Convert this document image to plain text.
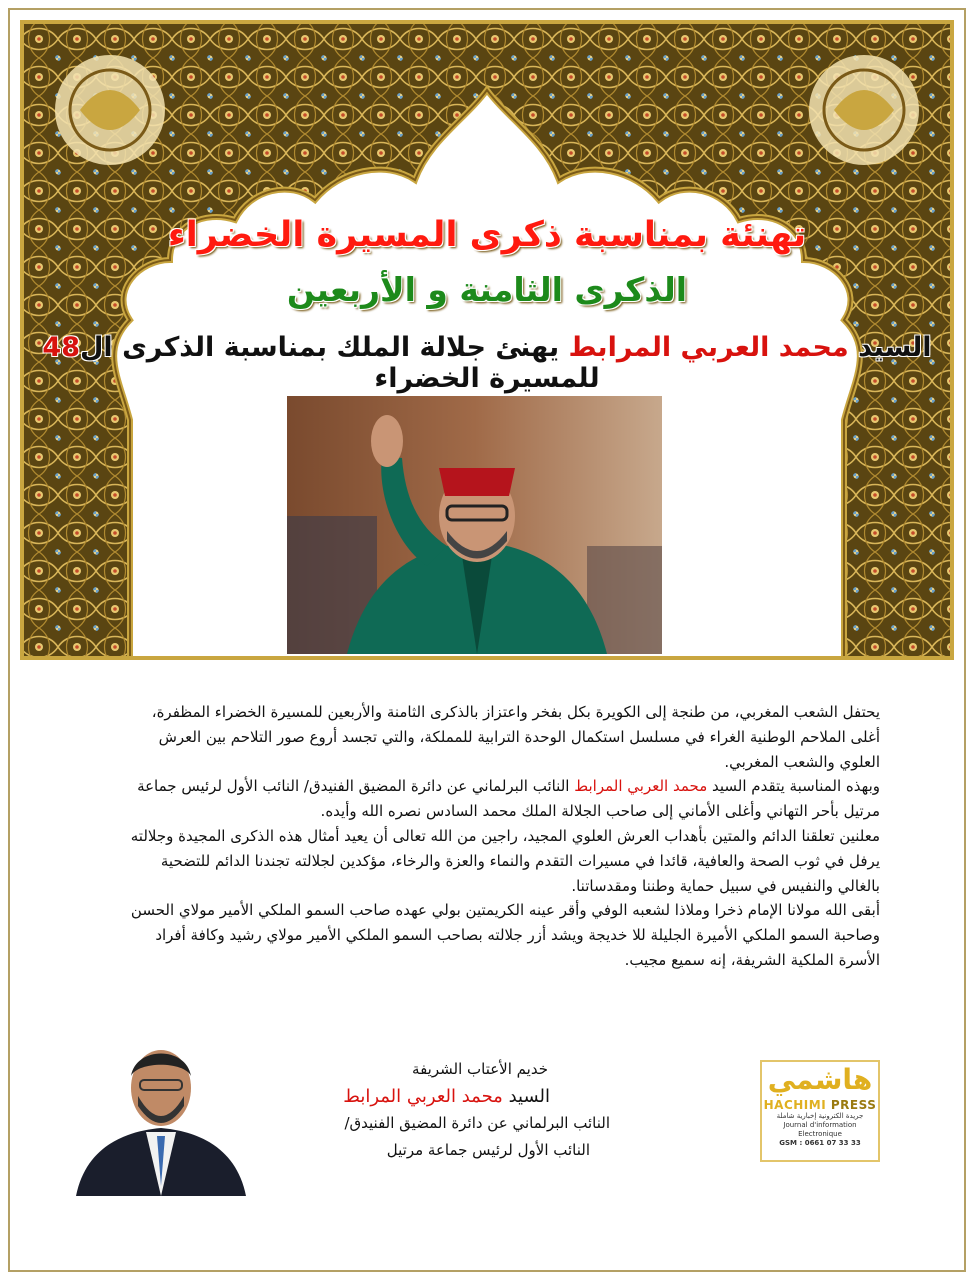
تهنئة بمناسبة ذكرى المسيرة الخضراء
الذكرى الثامنة و الأربعين
السيد محمد العربي المرابط يهنئ جلالة الملك بمناسبة الذكرى ال48 للمسيرة الخضراء

يحتفل الشعب المغربي، من طنجة إلى الكويرة بكل بفخر واعتزاز بالذكرى الثامنة والأربعين للمسيرة الخضراء المظفرة، أغلى الملاحم الوطنية الغراء في مسلسل استكمال الوحدة الترابية للمملكة، والتي تجسد أروع صور التلاحم بين العرش العلوي والشعب المغربي.

وبهذه المناسبة يتقدم السيد محمد العربي المرابط النائب البرلماني عن دائرة المضيق الفنيدق/ النائب الأول لرئيس جماعة مرتيل بأحر التهاني وأغلى الأماني إلى صاحب الجلالة الملك محمد السادس نصره الله وأيده.

معلنين تعلقنا الدائم والمتين بأهداب العرش العلوي المجيد، راجين من الله تعالى أن يعيد أمثال هذه الذكرى المجيدة وجلالته يرفل في ثوب الصحة والعافية، قائدا في مسيرات التقدم والنماء والعزة والرخاء، مؤكدين لجلالته تجندنا الدائم للتضحية بالغالي والنفيس في سبيل حماية وطننا ومقدساتنا.

أبقى الله مولانا الإمام ذخرا وملاذا لشعبه الوفي وأقر عينه الكريمتين بولي عهده صاحب السمو الملكي الأمير مولاي الحسن وصاحبة السمو الملكي الأميرة الجليلة للا خديجة ويشد أزر جلالته بصاحب السمو الملكي الأمير مولاي رشيد وكافة أفراد الأسرة الملكية الشريفة، إنه سميع مجيب.

خديم الأعتاب الشريفة
السيد محمد العربي المرابط
النائب البرلماني عن دائرة المضيق الفنيدق/
النائب الأول لرئيس جماعة مرتيل
هاشمي
HACHIMI PRESS
جريدة الكترونية إخبارية شاملة
Journal d'information Electronique
GSM : 0661 07 33 33
